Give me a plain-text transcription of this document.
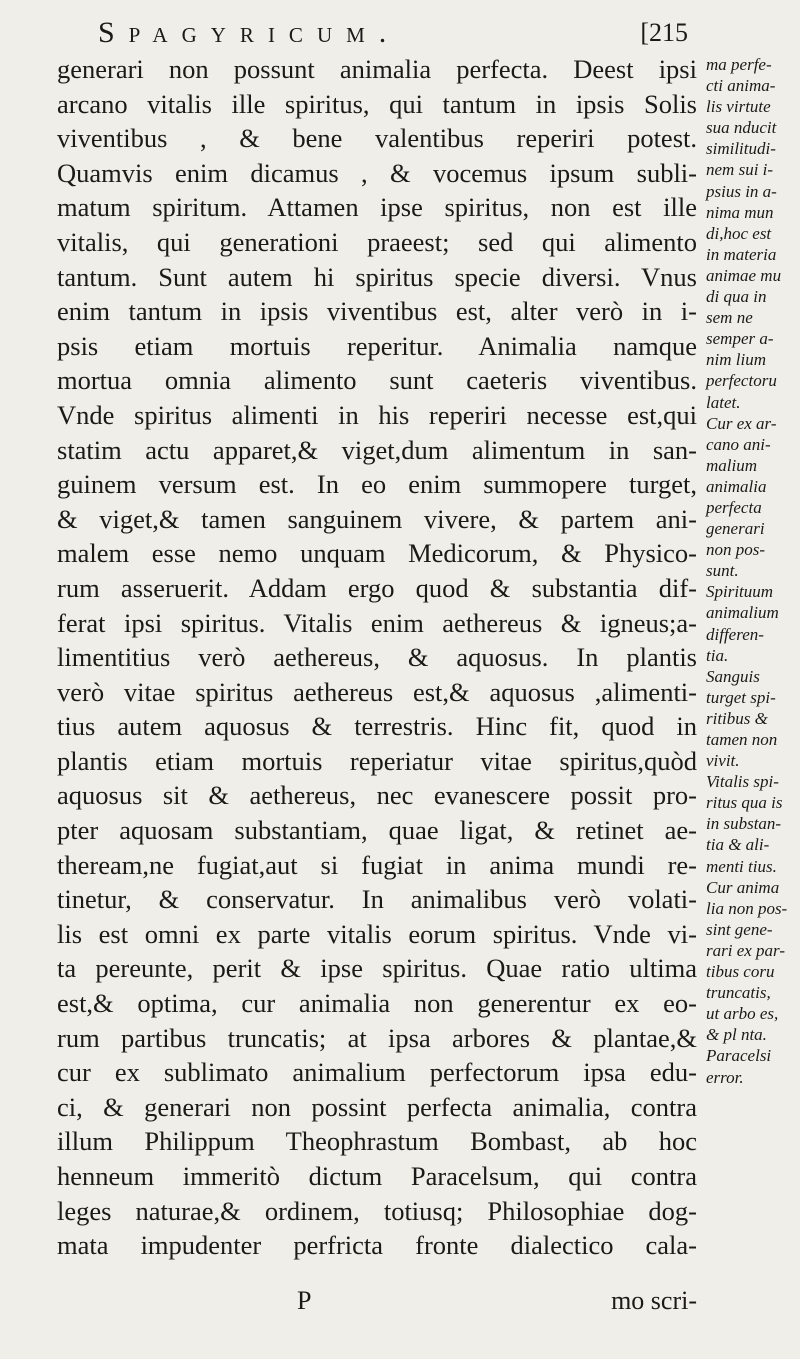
Spagyricum.	[215
generari non possunt animalia perfecta. Deest ipsi
arcano vitalis ille spiritus, qui tantum in ipsis Solis
viventibus , & bene valentibus reperiri potest.
Quamvis enim dicamus , & vocemus ipsum subli-
matum spiritum. Attamen ipse spiritus, non est ille
vitalis, qui generationi praeest; sed qui alimento
tantum. Sunt autem hi spiritus specie diversi. Vnus
enim tantum in ipsis viventibus est, alter verò in i-
psis etiam mortuis reperitur. Animalia namque
mortua omnia alimento sunt caeteris viventibus.
Vnde spiritus alimenti in his reperiri necesse est,qui
statim actu apparet,& viget,dum alimentum in san-
guinem versum est. In eo enim summopere turget,
& viget,& tamen sanguinem vivere, & partem ani-
malem esse nemo unquam Medicorum, & Physico-
rum asseruerit. Addam ergo quod & substantia dif-
ferat ipsi spiritus. Vitalis enim aethereus & igneus;a-
limentitius verò aethereus, & aquosus. In plantis
verò vitae spiritus aethereus est,& aquosus ,alimenti-
tius autem aquosus & terrestris. Hinc fit, quod in
plantis etiam mortuis reperiatur vitae spiritus,quòd
aquosus sit & aethereus, nec evanescere possit pro-
pter aquosam substantiam, quae ligat, & retinet ae-
theream,ne fugiat,aut si fugiat in anima mundi re-
tinetur, & conservatur. In animalibus verò volati-
lis est omni ex parte vitalis eorum spiritus. Vnde vi-
ta pereunte, perit & ipse spiritus. Quae ratio ultima
est,& optima, cur animalia non generentur ex eo-
rum partibus truncatis; at ipsa arbores & plantae,&
cur ex sublimato animalium perfectorum ipsa edu-
ci, & generari non possint perfecta animalia, contra
illum Philippum Theophrastum Bombast, ab hoc
henneum immeritò dictum Paracelsum, qui contra
leges naturae,& ordinem, totiusq; Philosophiae dog-
mata impudenter perfricta fronte dialectico cala-
P	mo scri-
ma perfe-
cti anima-
lis virtute
sua nducit
similitudi-
nem sui i-
psius in a-
nima mun
di,hoc est
in materia
animae mu
di qua in
sem ne
semper a-
nim lium
perfectoru
latet.
Cur ex ar-
cano ani-
malium
animalia
perfecta
generari
non pos-
sunt.
Spirituum
animalium
differen-
tia.
Sanguis
turget spi-
ritibus &
tamen non
vivit.
Vitalis spi-
ritus qua is
in substan-
tia & ali-
menti tius.
Cur anima
lia non pos-
sint gene-
rari ex par-
tibus coru
truncatis,
ut arbo es,
& pl nta.
Paracelsi
error.
